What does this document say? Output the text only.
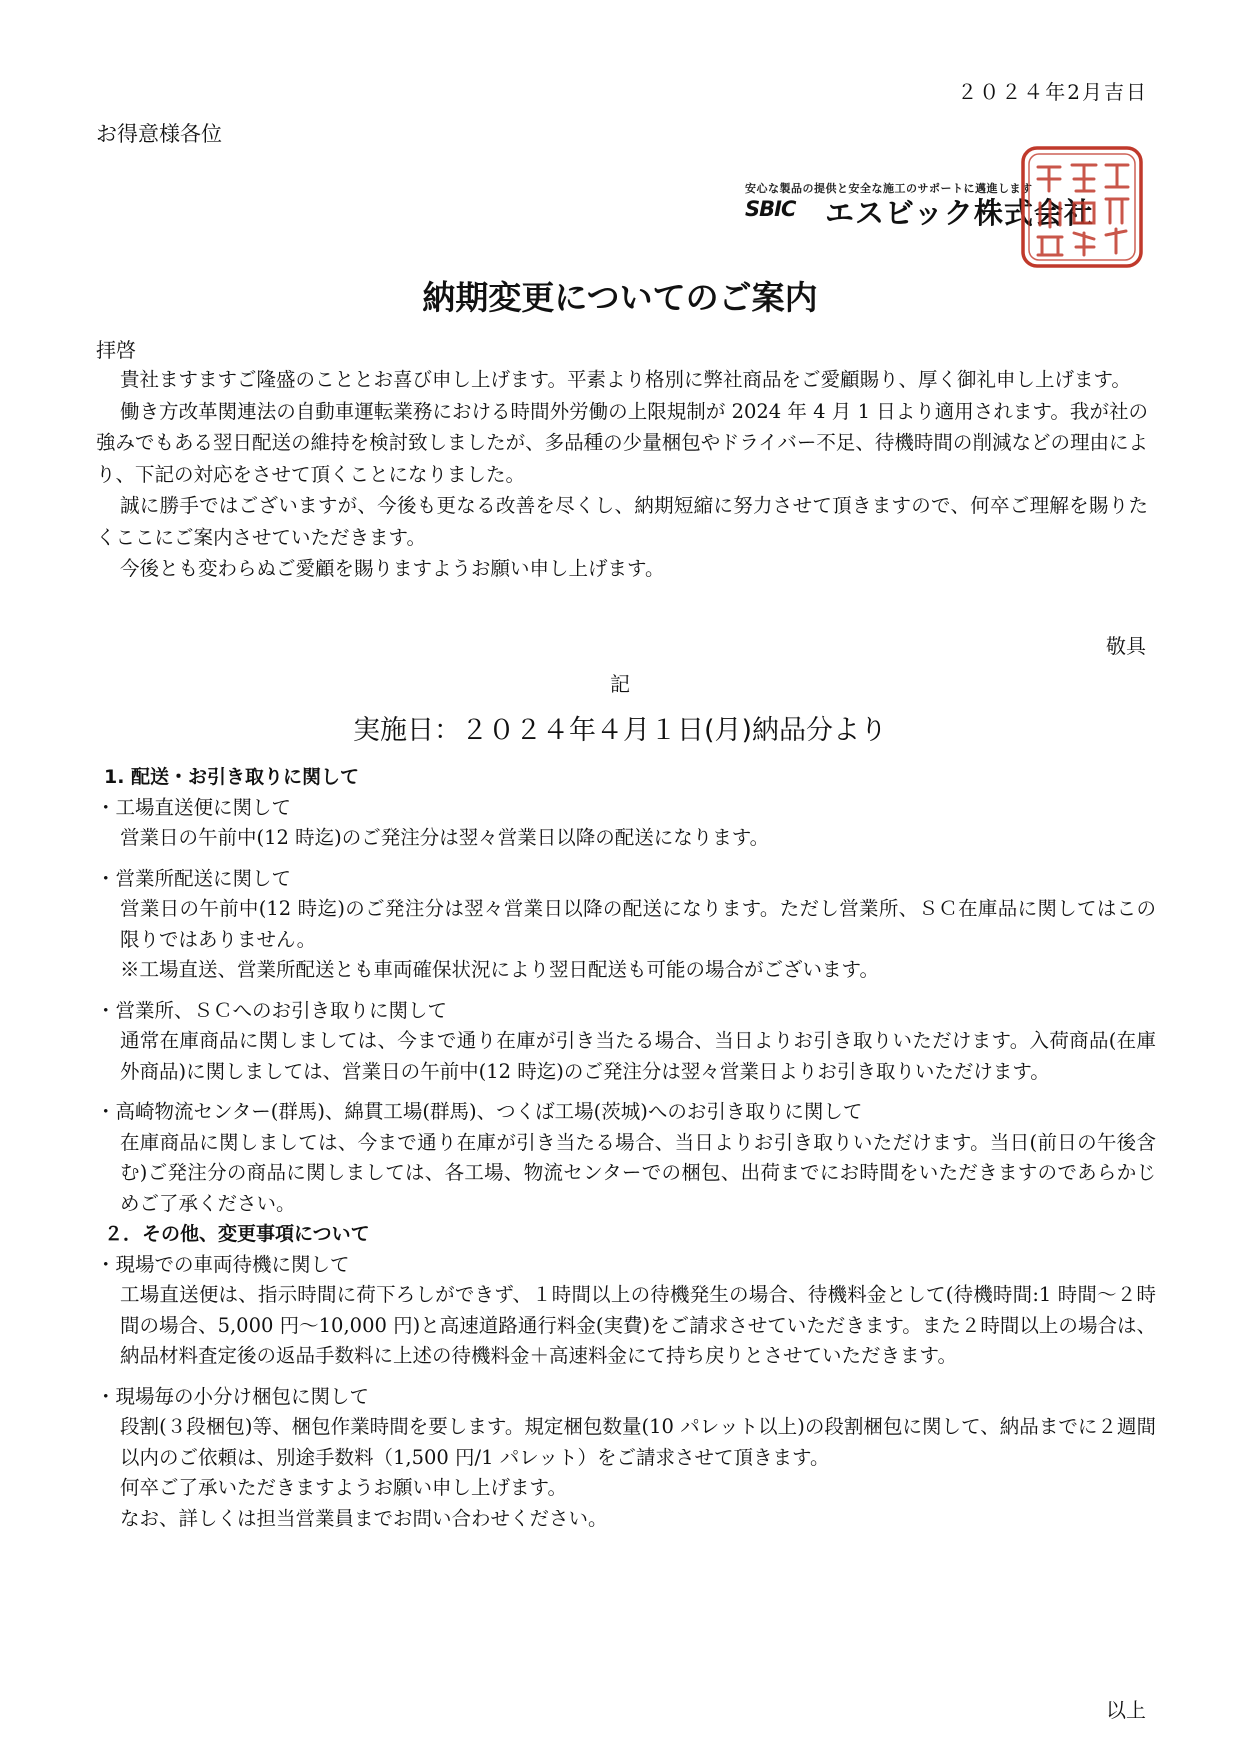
２０２４年2月吉日
お得意様各位
安心な製品の提供と安全な施工のサポートに邁進します
SBIC エスビック株式会社
納期変更についてのご案内
拝啓

貴社ますますご隆盛のこととお喜び申し上げます。平素より格別に弊社商品をご愛顧賜り、厚く御礼申し上げます。

働き方改革関連法の自動車運転業務における時間外労働の上限規制が 2024 年 4 月 1 日より適用されます。我が社の強みでもある翌日配送の維持を検討致しましたが、多品種の少量梱包やドライバー不足、待機時間の削減などの理由により、下記の対応をさせて頂くことになりました。

誠に勝手ではございますが、今後も更なる改善を尽くし、納期短縮に努力させて頂きますので、何卒ご理解を賜りたくここにご案内させていただきます。

今後とも変わらぬご愛顧を賜りますようお願い申し上げます。

敬具
記
実施日：２０２４年４月１日(月)納品分より

1. 配送・お引き取りに関して

・工場直送便に関して

営業日の午前中(12 時迄)のご発注分は翌々営業日以降の配送になります。

・営業所配送に関して

営業日の午前中(12 時迄)のご発注分は翌々営業日以降の配送になります。ただし営業所、ＳＣ在庫品に関してはこの限りではありません。

※工場直送、営業所配送とも車両確保状況により翌日配送も可能の場合がございます。

・営業所、ＳＣへのお引き取りに関して

通常在庫商品に関しましては、今まで通り在庫が引き当たる場合、当日よりお引き取りいただけます。入荷商品(在庫外商品)に関しましては、営業日の午前中(12 時迄)のご発注分は翌々営業日よりお引き取りいただけます。

・高崎物流センター(群馬)、綿貫工場(群馬)、つくば工場(茨城)へのお引き取りに関して

在庫商品に関しましては、今まで通り在庫が引き当たる場合、当日よりお引き取りいただけます。当日(前日の午後含む)ご発注分の商品に関しましては、各工場、物流センターでの梱包、出荷までにお時間をいただきますのであらかじめご了承ください。

２．その他、変更事項について

・現場での車両待機に関して

工場直送便は、指示時間に荷下ろしができず、１時間以上の待機発生の場合、待機料金として(待機時間:1 時間～２時間の場合、5,000 円～10,000 円)と高速道路通行料金(実費)をご請求させていただきます。また２時間以上の場合は、納品材料査定後の返品手数料に上述の待機料金＋高速料金にて持ち戻りとさせていただきます。

・現場毎の小分け梱包に関して

段割(３段梱包)等、梱包作業時間を要します。規定梱包数量(10 パレット以上)の段割梱包に関して、納品までに２週間以内のご依頼は、別途手数料（1,500 円/1 パレット）をご請求させて頂きます。

何卒ご了承いただきますようお願い申し上げます。

なお、詳しくは担当営業員までお問い合わせください。

以上
